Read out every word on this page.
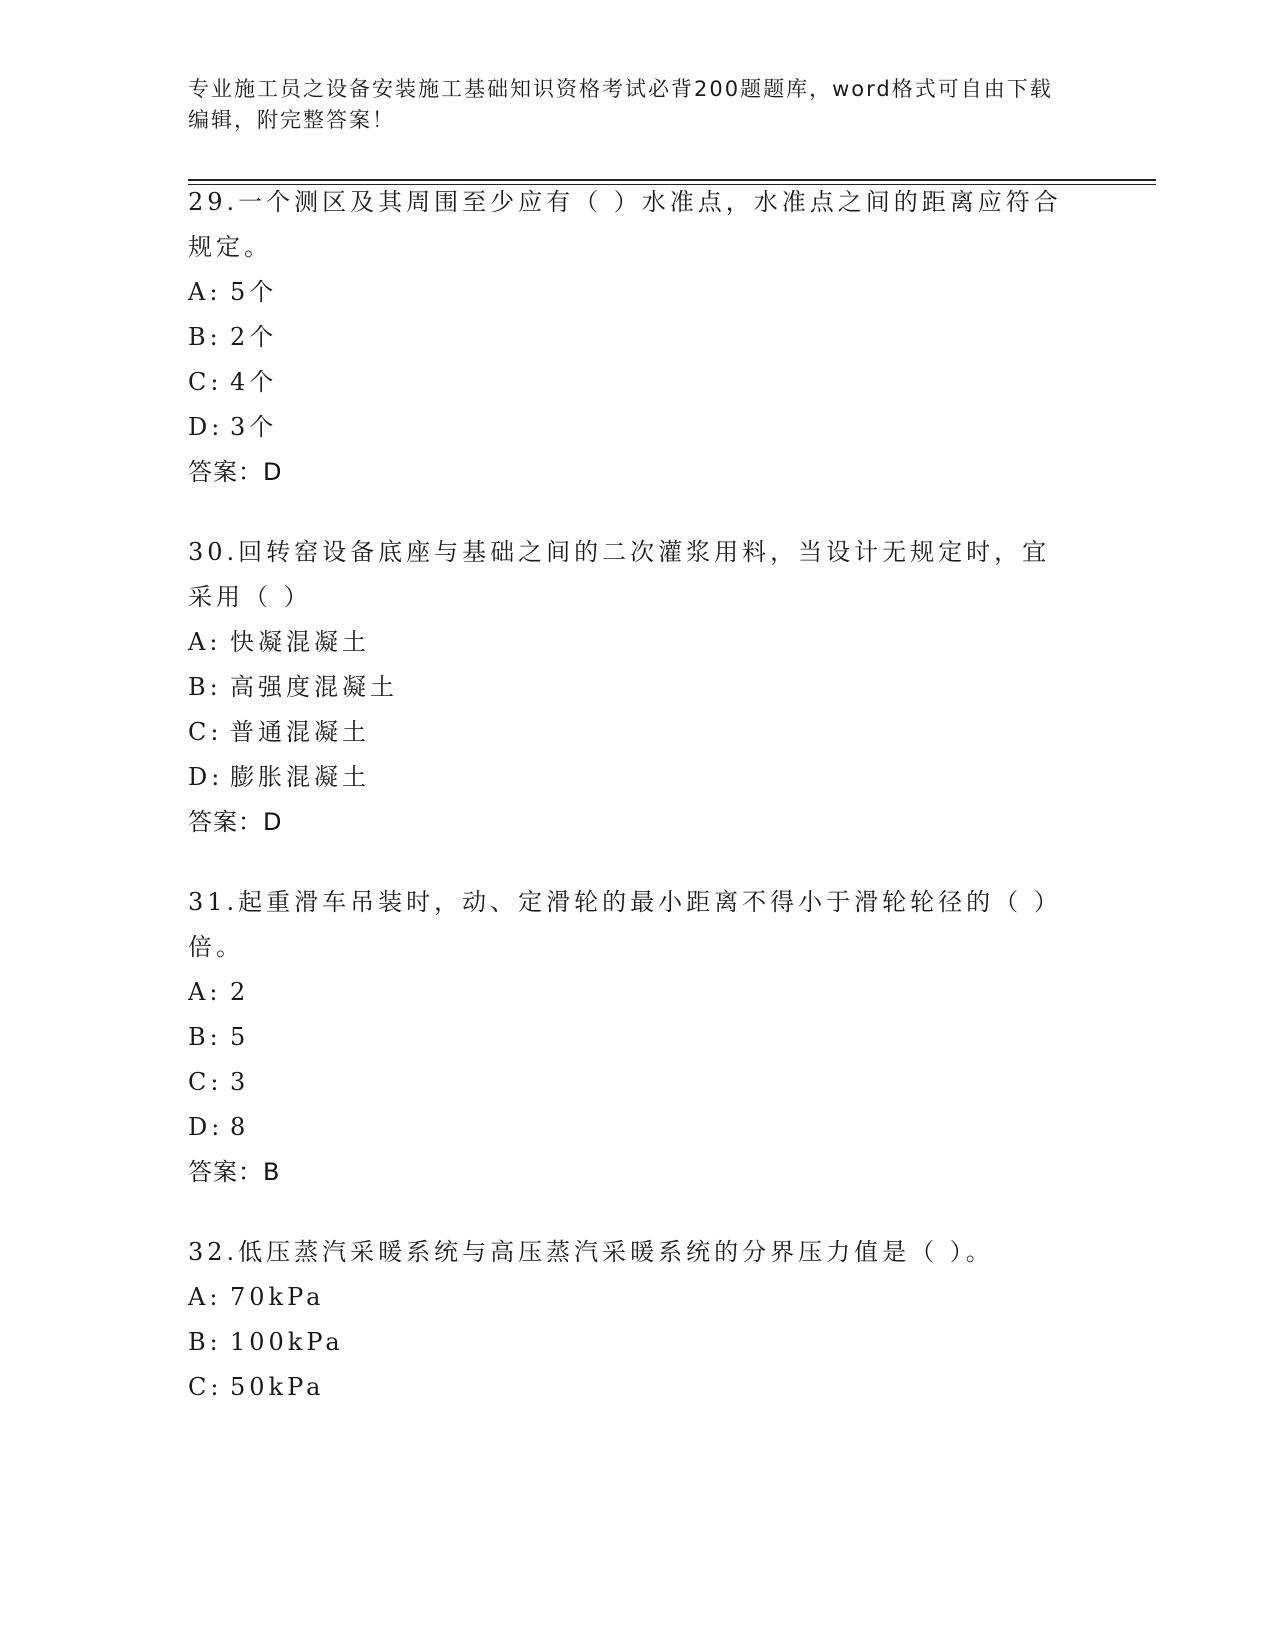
专业施工员之设备安装施工基础知识资格考试必背200题题库，word格式可自由下载编辑，附完整答案！

29.一个测区及其周围至少应有（ ）水准点，水准点之间的距离应符合规定。

A: 5个
B: 2个
C: 4个
D: 3个
答案：D

30.回转窑设备底座与基础之间的二次灌浆用料，当设计无规定时，宜采用（ ）

A: 快凝混凝土
B: 高强度混凝土
C: 普通混凝土
D: 膨胀混凝土
答案：D

31.起重滑车吊装时，动、定滑轮的最小距离不得小于滑轮轮径的（ ）倍。

A: 2
B: 5
C: 3
D: 8
答案：B

32.低压蒸汽采暖系统与高压蒸汽采暖系统的分界压力值是（ ）。

A: 70kPa
B: 100kPa
C: 50kPa
